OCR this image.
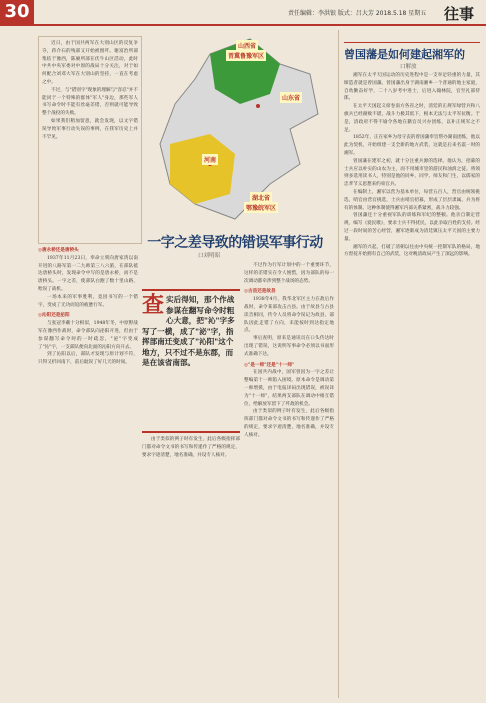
30	责任编辑：李洪银 版式：吕大芳 2018.5.18 星期五 往事

近日，由于国共两军在大别山区的反复争夺，蒋介石的残部又开始被围歼。谢富治所部集结于豫西，陈赓所部在伏牛山区活动，此时中共中央军委对中原的战局十分关注，对于如何配合刘邓大军在大别山的坚持，一直在考虑之中。

不过，与"错别字"现象的理解与"容忍"并不能同于一个特殊的群体"军人"身边，那些军人书写命令时不能有丝毫差错，否则就可能导致整个战役的失败。

如果我们稍加留意，就会发现，以文字错误导致军事行动失误的事例，在我军历史上并不罕见。

山西省
晋冀鲁豫军区
山东省
河南
湖北省
鄂豫皖军区
一字之差导致的错误军事行动
口刘明昭

◎唐永桥还是唐桥头

1937年11月23日，奉命立刻向唐家湾以南开进的八路军第一二九师第三八六旅，在部队抵达唐桥头时，发现命令中写的是唐永桥，而不是唐桥头。一字之差，使部队白跑了数十里山路，贻误了战机。

一场本来的军事胜利，竟因书写的一个错字，变成了无功而返的疲惫行军。

◎沁阳还是泌阳

与张冠李戴十分相似，1948年冬，中原野战军在豫西作战时，命令部队向泌阳开进，但由于参谋翻写命令时的一时疏忽，"泌"字变成了"沁"字，一支部队便向北面的沁阳方向开去。

到了沁阳以后，部队才发现与原计划不符，只得又折回南下，前后耽误了好几天的时间。

查 实后得知，那个作战参谋在翻写命令时粗心大意，把"沁"字多写了一横，成了"泌"字，指挥部南迁变成了"沁阳"这个地方，只不过不是东郡，而是在该省南部。

不过作为行军计划中的一个重要环节，这样的差错实在令人惋惜，因为部队的每一次调动都牵涉到整个战场的态势。

◎古县还是故县

1938年4月，我华北军区主力在敌后作战时，命令某部攻击古县。由于故县与古县读音相同，传令人员将命令误记为故县，部队因此走错了方向，未能按时到达指定地点。

事后查明，原来是通讯员在口头传达时出现了错误，这说明军事命令必须以书面形式准确下达。

◎"是一师"还是"十一师"

在国共内战中，国军曾因为一字之差让整编第十一师陷入困境。原本命令是调动第一师增援，由于电报译码出现错误，被误译为"十一师"，结果两支部队在调动中相互错位，给解放军留下了歼敌的机会。

由于类似的例子时有发生，此后各级指挥部门都对命令文书的书写和传递作了严格的规定，要求字迹清楚，地名准确，并设专人核对。

由于类似的例子时有发生，此后各级指挥部门都对命令文书的书写和传递作了严格的规定，要求字迹清楚，地名准确，并设专人核对。

曾国藩是如何建起湘军的
口解放

湘军在太平天国运动的历史进程中是一支举足轻重的力量，其缔造者就是曾国藩。曾国藩出身于湖南湘乡一个普通的地主家庭，自幼勤奋好学，二十八岁考中进士，后进入翰林院，官至礼部侍郎。

在太平天国起义席卷南方各省之时，清廷的正规军绿营兵和八旗兵已经腐败不堪，战斗力极其低下，根本无法与太平军抗衡。于是，清政府不得不谕令各地在籍官员兴办团练，以补正规军之不足。

1852年，正在家乡为母守丧的曾国藩奉旨帮办湖南团练，他以此为契机，开始组建一支全新的地方武装，这就是后来名震一时的湘军。

曾国藩在建军之初，就十分注重兵源的选择。他认为，招募的士兵应以朴实的山农为主，而不用城市里的游民和油滑之徒。将领则多选用读书人，特别是他的同乡、同学、师友和门生，以儒家的忠孝节义思想来约束官兵。

在编制上，湘军以营为基本单位，每营五百人，营官由统领挑选，哨官由营官挑选，士兵由哨官招募，形成了层层隶属、兵为将有的体制。这种体制使得湘军内部关系紧密，战斗力较强。

曾国藩还十分重视军队的训练和军纪的整顿。他亲自制定营规，编写《爱民歌》，要求士兵不得扰民，以此争取百姓的支持。经过一段时间的苦心经营，湘军逐渐成为清廷镇压太平天国的主要力量。

湘军的兴起，打破了清朝以往由中央统一控制军队的格局，地方督抚开始拥有自己的武装，这对晚清政局产生了深远的影响。
